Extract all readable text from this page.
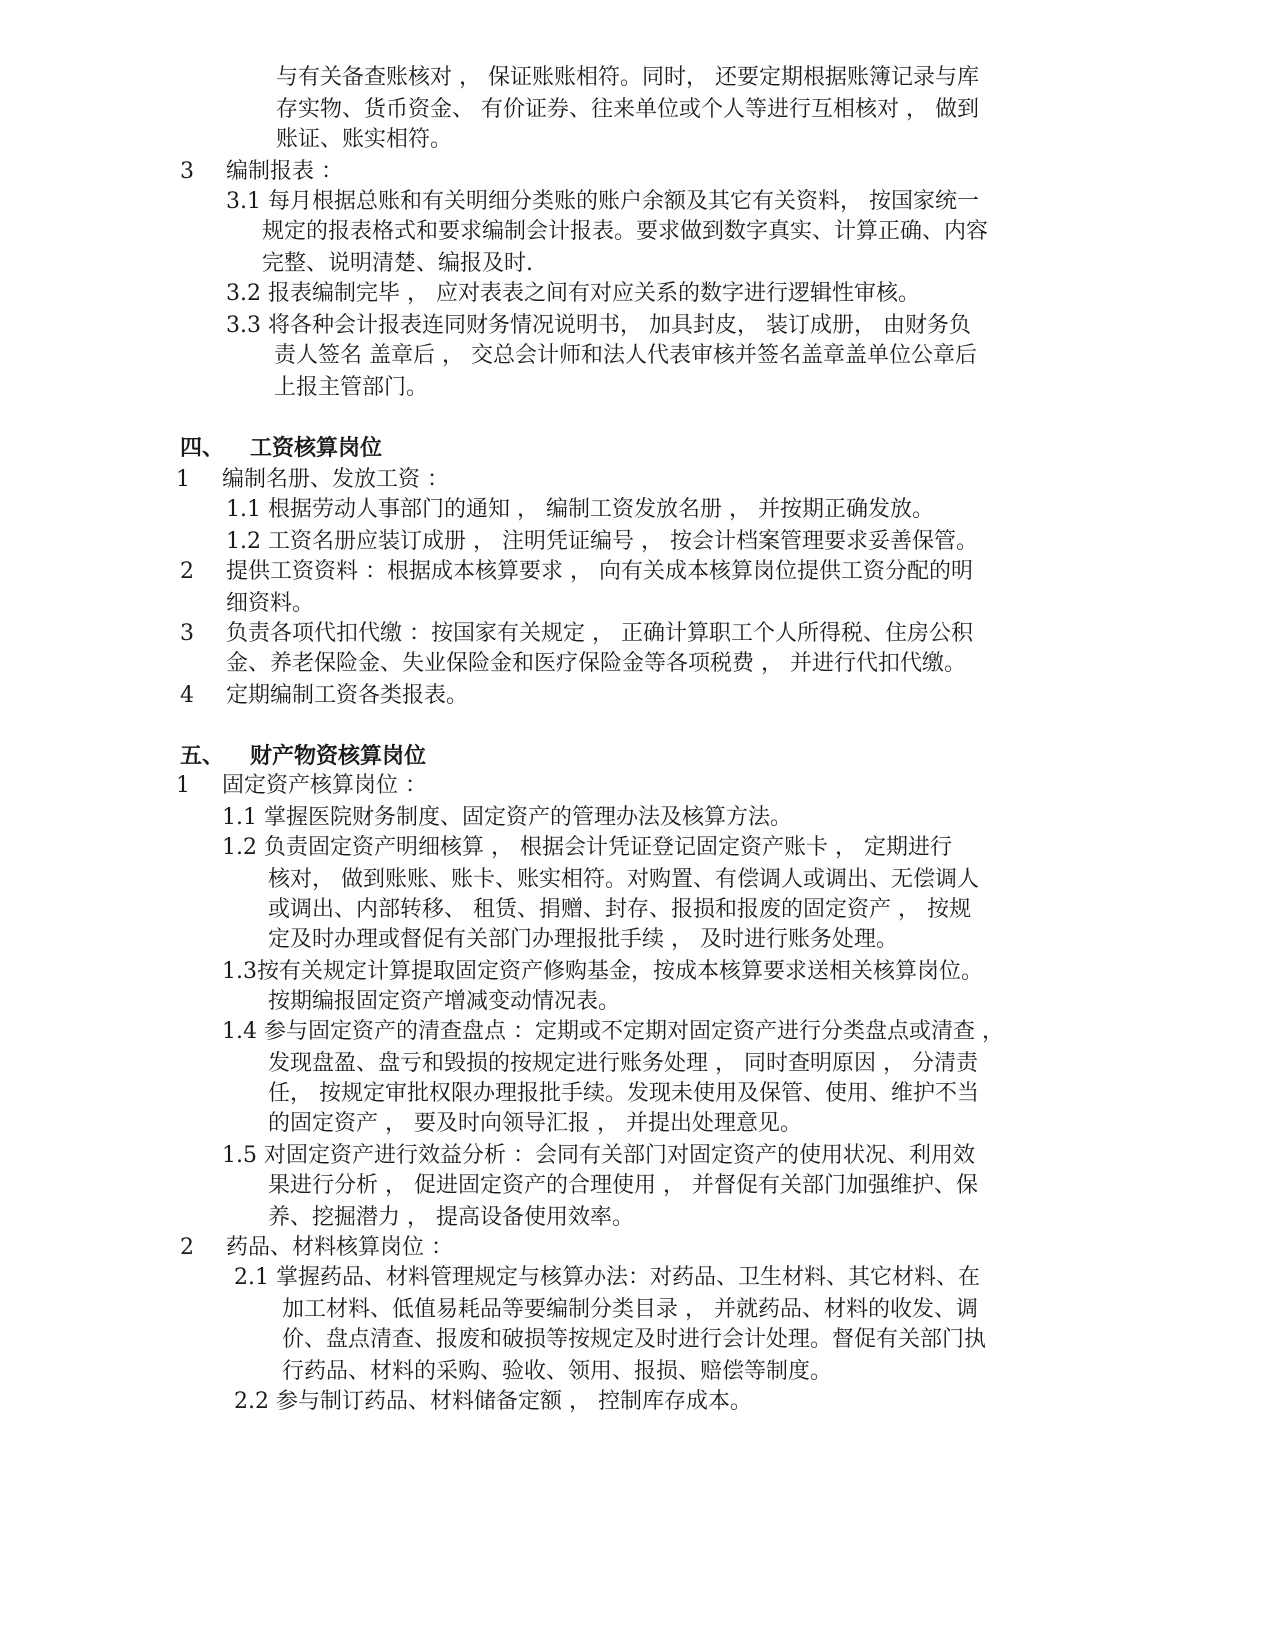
与有关备查账核对 ， 保证账账相符。同时， 还要定期根据账簿记录与库
存实物、货币资金、 有价证券、往来单位或个人等进行互相核对 ， 做到
账证、账实相符。
3 编制报表 ：
3.1 每月根据总账和有关明细分类账的账户余额及其它有关资料， 按国家统一
规定的报表格式和要求编制会计报表。要求做到数字真实、计算正确、内容
完整、说明清楚、编报及时.
3.2 报表编制完毕 ， 应对表表之间有对应关系的数字进行逻辑性审核。
3.3 将各种会计报表连同财务情况说明书， 加具封皮， 装订成册， 由财务负
责人签名 盖章后 ， 交总会计师和法人代表审核并签名盖章盖单位公章后
上报主管部门。
四、 工资核算岗位
1 编制名册、发放工资 ：
1.1 根据劳动人事部门的通知 ， 编制工资发放名册 ， 并按期正确发放。
1.2 工资名册应装订成册 ， 注明凭证编号 ， 按会计档案管理要求妥善保管。
2 提供工资资料 ：根据成本核算要求 ， 向有关成本核算岗位提供工资分配的明
细资料。
3 负责各项代扣代缴 ：按国家有关规定 ， 正确计算职工个人所得税、住房公积
金、养老保险金、失业保险金和医疗保险金等各项税费 ， 并进行代扣代缴。
4 定期编制工资各类报表。
五、 财产物资核算岗位
1 固定资产核算岗位 ：
1.1 掌握医院财务制度、固定资产的管理办法及核算方法。
1.2 负责固定资产明细核算 ， 根据会计凭证登记固定资产账卡 ， 定期进行
核对， 做到账账、账卡、账实相符。对购置、有偿调人或调出、无偿调人
或调出、内部转移、 租赁、捐赠、封存、报损和报废的固定资产 ， 按规
定及时办理或督促有关部门办理报批手续 ， 及时进行账务处理。
1.3按有关规定计算提取固定资产修购基金，按成本核算要求送相关核算岗位。
按期编报固定资产增减变动情况表。
1.4 参与固定资产的清查盘点 ：定期或不定期对固定资产进行分类盘点或清查 ，
发现盘盈、盘亏和毁损的按规定进行账务处理 ， 同时查明原因 ， 分清责
任， 按规定审批权限办理报批手续。发现未使用及保管、使用、维护不当
的固定资产 ， 要及时向领导汇报 ， 并提出处理意见。
1.5 对固定资产进行效益分析 ：会同有关部门对固定资产的使用状况、利用效
果进行分析 ， 促进固定资产的合理使用 ， 并督促有关部门加强维护、保
养、挖掘潜力 ， 提高设备使用效率。
2 药品、材料核算岗位 ：
2.1 掌握药品、材料管理规定与核算办法：对药品、卫生材料、其它材料、在
加工材料、低值易耗品等要编制分类目录 ， 并就药品、材料的收发、调
价、盘点清查、报废和破损等按规定及时进行会计处理。督促有关部门执
行药品、材料的采购、验收、领用、报损、赔偿等制度。
2.2 参与制订药品、材料储备定额 ， 控制库存成本。
